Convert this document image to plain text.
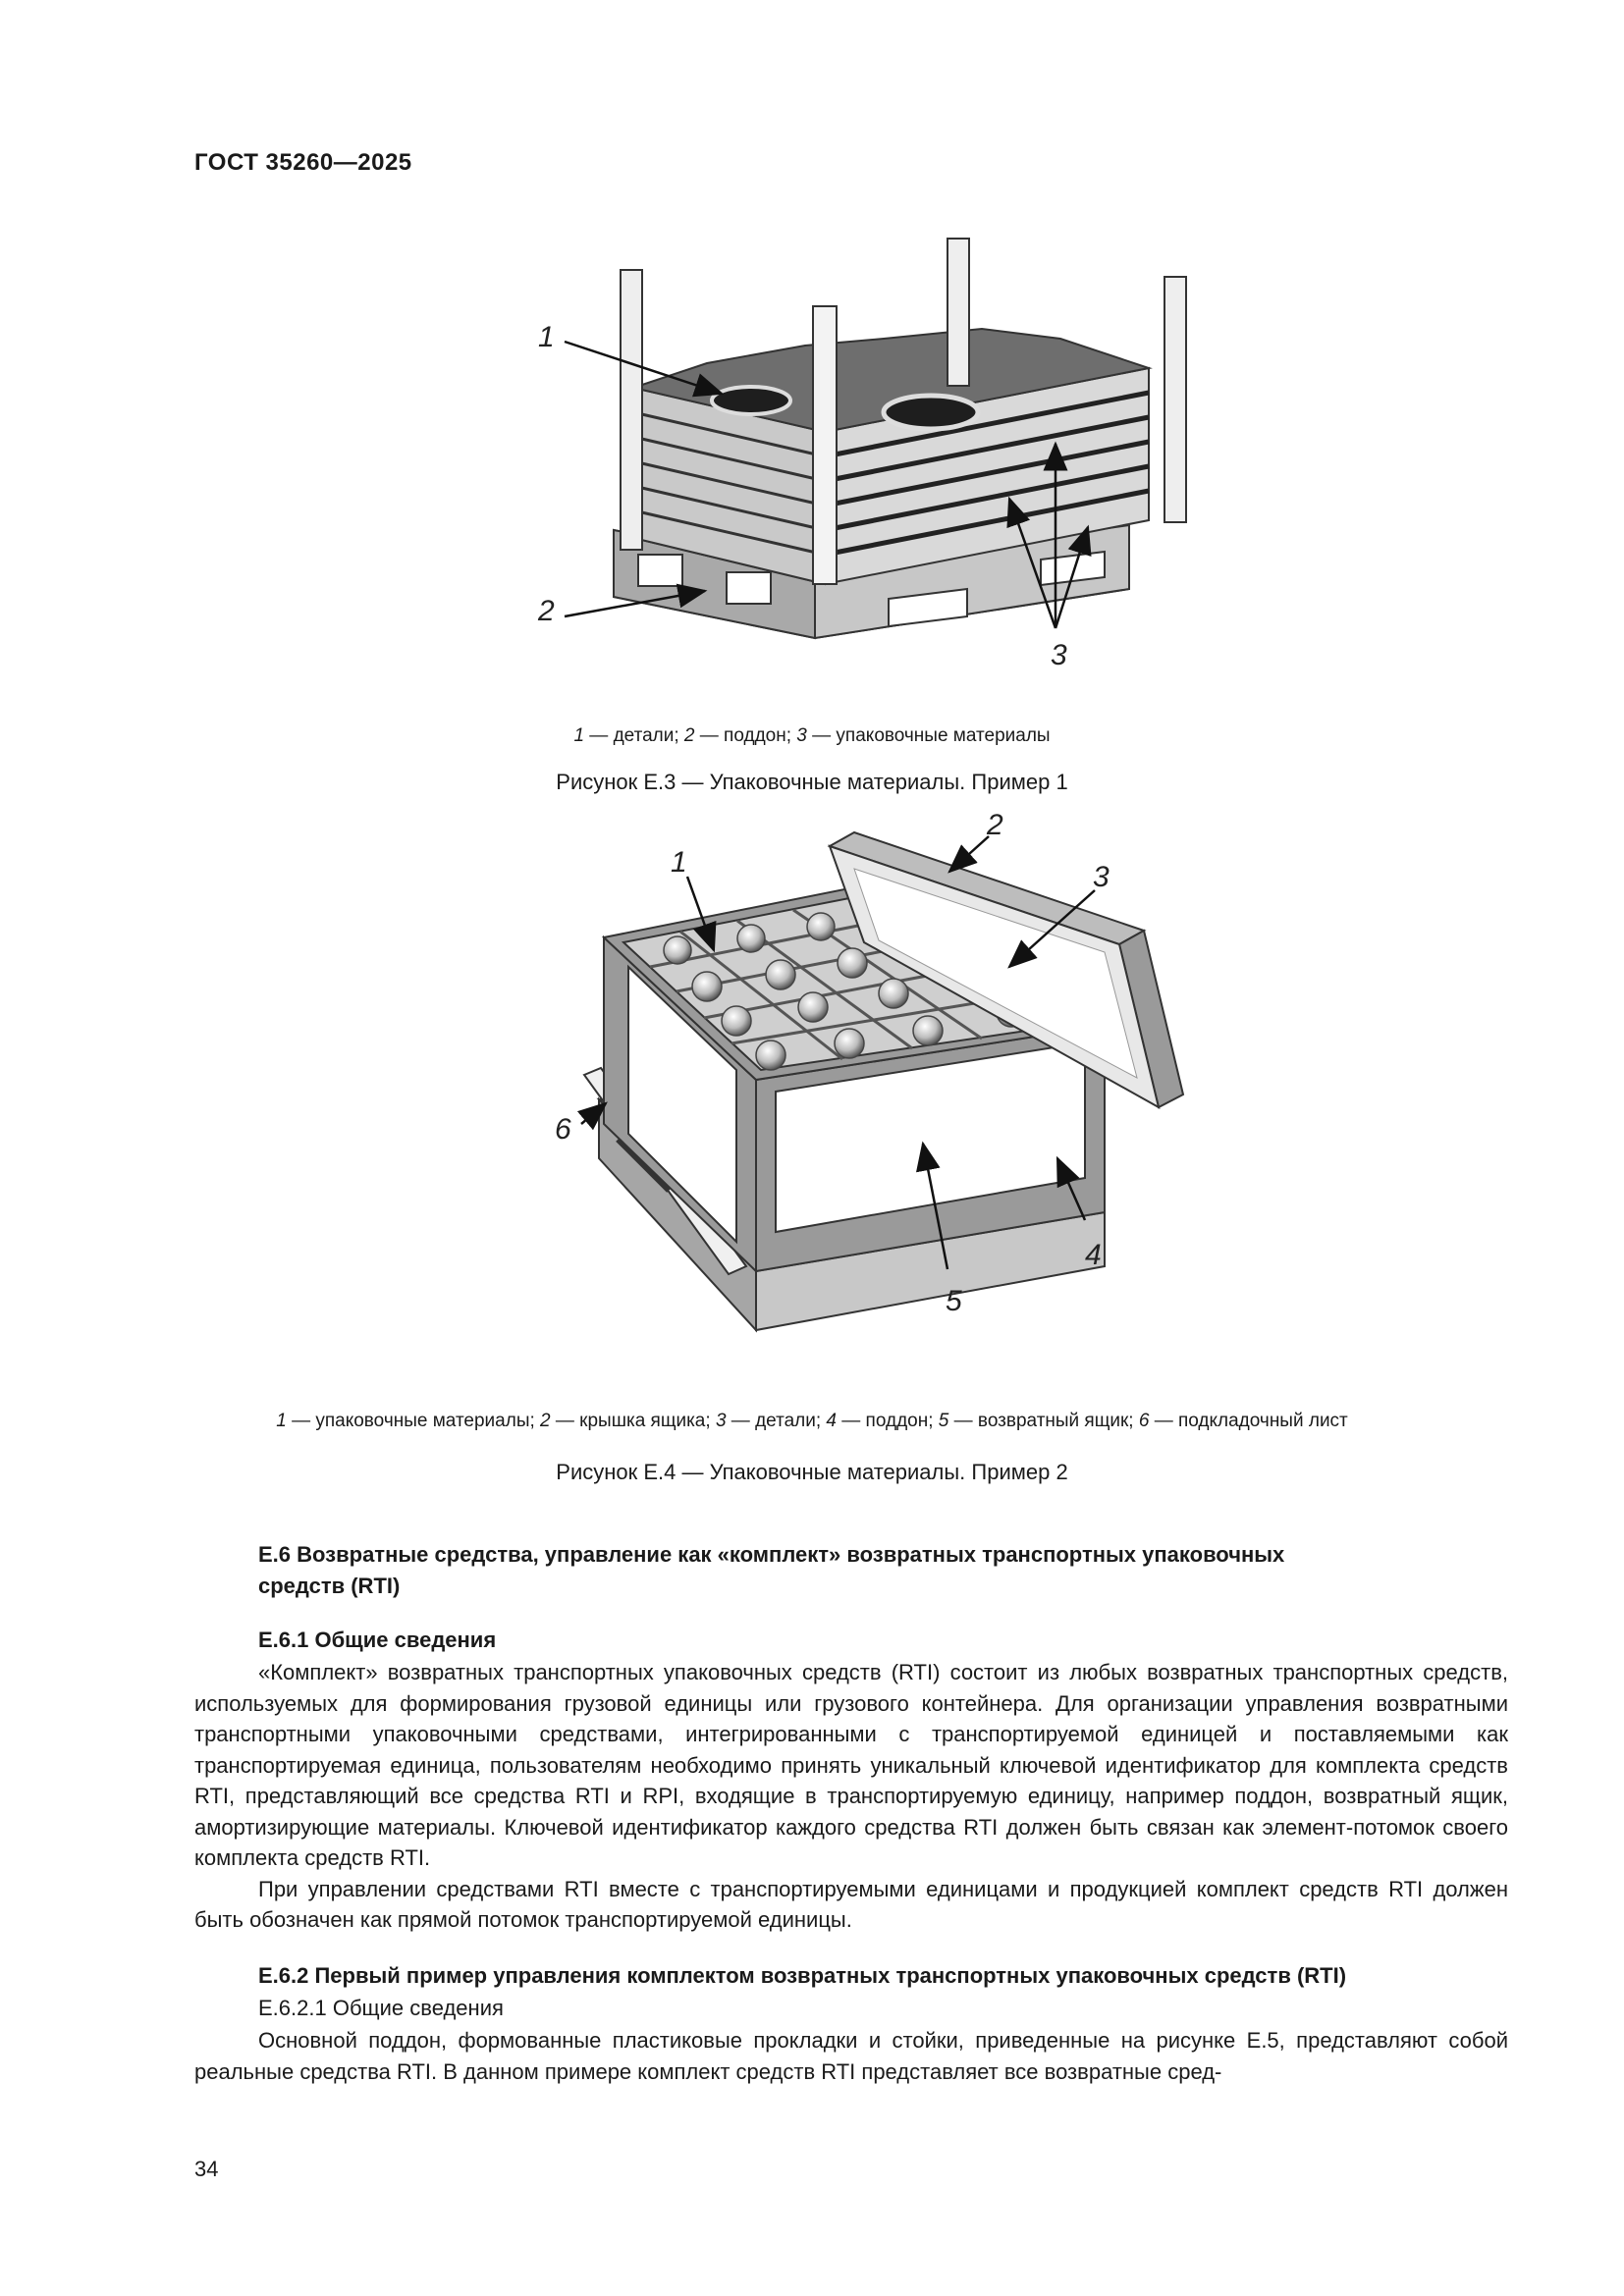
ГОСТ 35260—2025
1
2
3
1 — детали; 2 — поддон; 3 — упаковочные материалы
Рисунок Е.3 — Упаковочные материалы. Пример 1
1
2
3
4
5
6
1 — упаковочные материалы; 2 — крышка ящика; 3 — детали; 4 — поддон; 5 — возвратный ящик; 6 — подкладочный лист
Рисунок Е.4 — Упаковочные материалы. Пример 2
Е.6 Возвратные средства, управление как «комплект» возвратных транспортных упаковочных
средств (RTI)
Е.6.1 Общие сведения

«Комплект» возвратных транспортных упаковочных средств (RTI) состоит из любых возвратных транспортных средств, используемых для формирования грузовой единицы или грузового контейнера. Для организации управления возвратными транспортными упаковочными средствами, интегрированными с транспортируемой единицей и поставляемыми как транспортируемая единица, пользователям необходимо принять уникальный ключевой идентификатор для комплекта средств RTI, представляющий все средства RTI и RPI, входящие в транспортируемую единицу, например поддон, возвратный ящик, амортизирующие материалы. Ключевой идентификатор каждого средства RTI должен быть связан как элемент-потомок своего комплекта средств RTI.

При управлении средствами RTI вместе с транспортируемыми единицами и продукцией комплект средств RTI должен быть обозначен как прямой потомок транспортируемой единицы.

Е.6.2 Первый пример управления комплектом возвратных транспортных упаковочных средств (RTI)
Е.6.2.1 Общие сведения

Основной поддон, формованные пластиковые прокладки и стойки, приведенные на рисунке Е.5, представляют собой реальные средства RTI. В данном примере комплект средств RTI представляет все возвратные сред-

34
